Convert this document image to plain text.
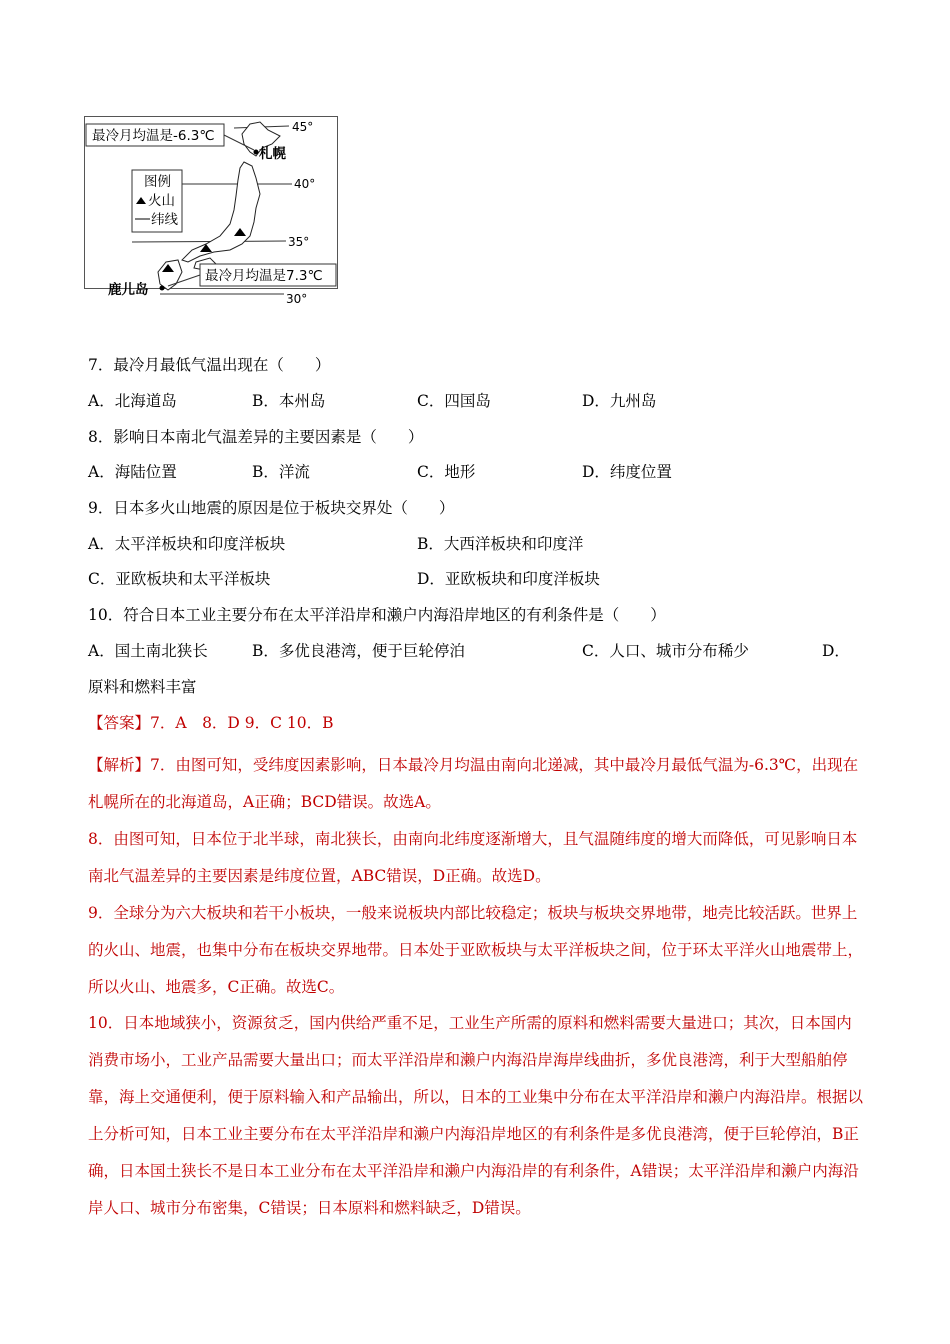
最冷月均温是-6.3℃
最冷月均温是7.3℃
札幌
鹿儿岛
45°
40°
35°
30°
图例
火山
纬线
7．最冷月最低气温出现在（　　）
A．北海道岛	B．本州岛	C．四国岛	D．九州岛
8．影响日本南北气温差异的主要因素是（　　）
A．海陆位置	B．洋流	C．地形	D．纬度位置
9．日本多火山地震的原因是位于板块交界处（　　）
A．太平洋板块和印度洋板块	B．大西洋板块和印度洋
C．亚欧板块和太平洋板块	D．亚欧板块和印度洋板块
10．符合日本工业主要分布在太平洋沿岸和濑户内海沿岸地区的有利条件是（　　）
A．国土南北狭长	B．多优良港湾，便于巨轮停泊	C．人口、城市分布稀少	D．
原料和燃料丰富
【答案】7．A　8．D 9．C 10．B
【解析】7．由图可知，受纬度因素影响，日本最冷月均温由南向北递减，其中最冷月最低气温为-6.3℃，出现在札幌所在的北海道岛，A正确；BCD错误。故选A。
8．由图可知，日本位于北半球，南北狭长，由南向北纬度逐渐增大，且气温随纬度的增大而降低，可见影响日本南北气温差异的主要因素是纬度位置，ABC错误，D正确。故选D。
9．全球分为六大板块和若干小板块，一般来说板块内部比较稳定；板块与板块交界地带，地壳比较活跃。世界上的火山、地震，也集中分布在板块交界地带。日本处于亚欧板块与太平洋板块之间，位于环太平洋火山地震带上，所以火山、地震多，C正确。故选C。
10．日本地域狭小，资源贫乏，国内供给严重不足，工业生产所需的原料和燃料需要大量进口；其次，日本国内消费市场小，工业产品需要大量出口；而太平洋沿岸和濑户内海沿岸海岸线曲折，多优良港湾，利于大型船舶停靠，海上交通便利，便于原料输入和产品输出，所以，日本的工业集中分布在太平洋沿岸和濑户内海沿岸。根据以上分析可知，日本工业主要分布在太平洋沿岸和濑户内海沿岸地区的有利条件是多优良港湾，便于巨轮停泊，B正确，日本国土狭长不是日本工业分布在太平洋沿岸和濑户内海沿岸的有利条件，A错误；太平洋沿岸和濑户内海沿岸人口、城市分布密集，C错误；日本原料和燃料缺乏，D错误。
